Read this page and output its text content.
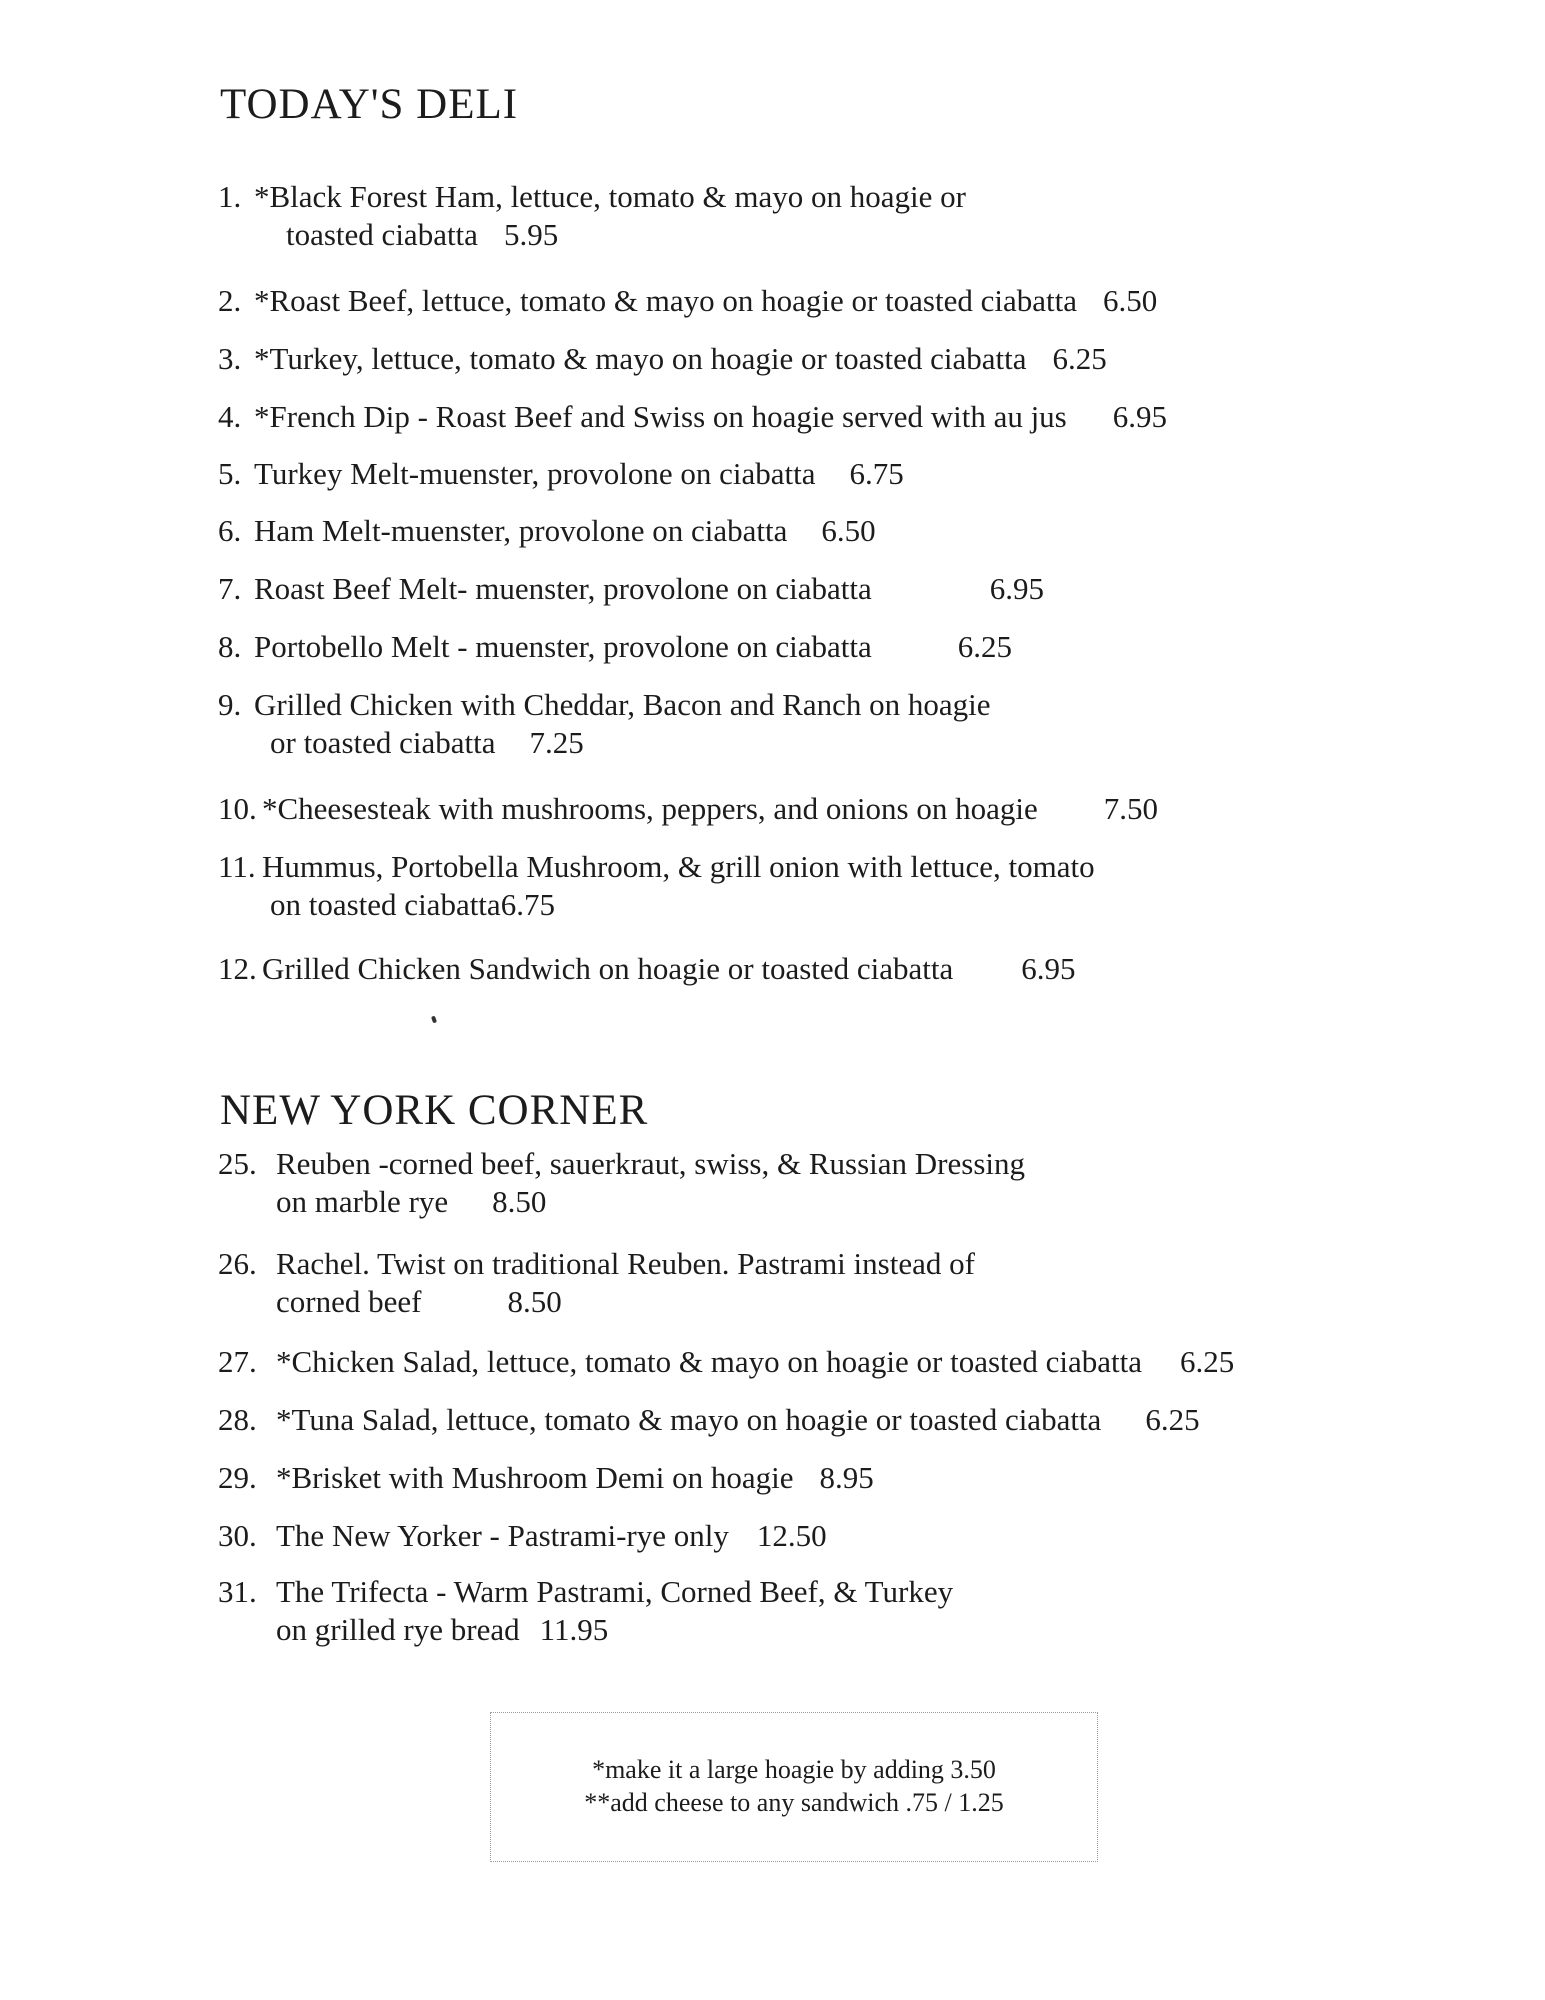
TODAY'S DELI
1. *Black Forest Ham, lettuce, tomato & mayo on hoagie or
toasted ciabatta 5.95
2. *Roast Beef, lettuce, tomato & mayo on hoagie or toasted ciabatta 6.50
3. *Turkey, lettuce, tomato & mayo on hoagie or toasted ciabatta 6.25
4. *French Dip - Roast Beef and Swiss on hoagie served with au jus 6.95
5. Turkey Melt-muenster, provolone on ciabatta 6.75
6. Ham Melt-muenster, provolone on ciabatta 6.50
7. Roast Beef Melt- muenster, provolone on ciabatta	6.95
8. Portobello Melt - muenster, provolone on ciabatta	6.25
9. Grilled Chicken with Cheddar, Bacon and Ranch on hoagie
or toasted ciabatta 7.25
10. *Cheesesteak with mushrooms, peppers, and onions on hoagie 7.50
11. Hummus, Portobella Mushroom, & grill onion with lettuce, tomato
on toasted ciabatta6.75
12. Grilled Chicken Sandwich on hoagie or toasted ciabatta 6.95
NEW YORK CORNER
25. Reuben -corned beef, sauerkraut, swiss, & Russian Dressing
on marble rye 8.50
26. Rachel. Twist on traditional Reuben. Pastrami instead of
corned beef	8.50
27. *Chicken Salad, lettuce, tomato & mayo on hoagie or toasted ciabatta 6.25
28. *Tuna Salad, lettuce, tomato & mayo on hoagie or toasted ciabatta 6.25
29. *Brisket with Mushroom Demi on hoagie 8.95
30. The New Yorker - Pastrami-rye only 12.50
31. The Trifecta - Warm Pastrami, Corned Beef, & Turkey
on grilled rye bread 11.95
*make it a large hoagie by adding 3.50
**add cheese to any sandwich .75 / 1.25
